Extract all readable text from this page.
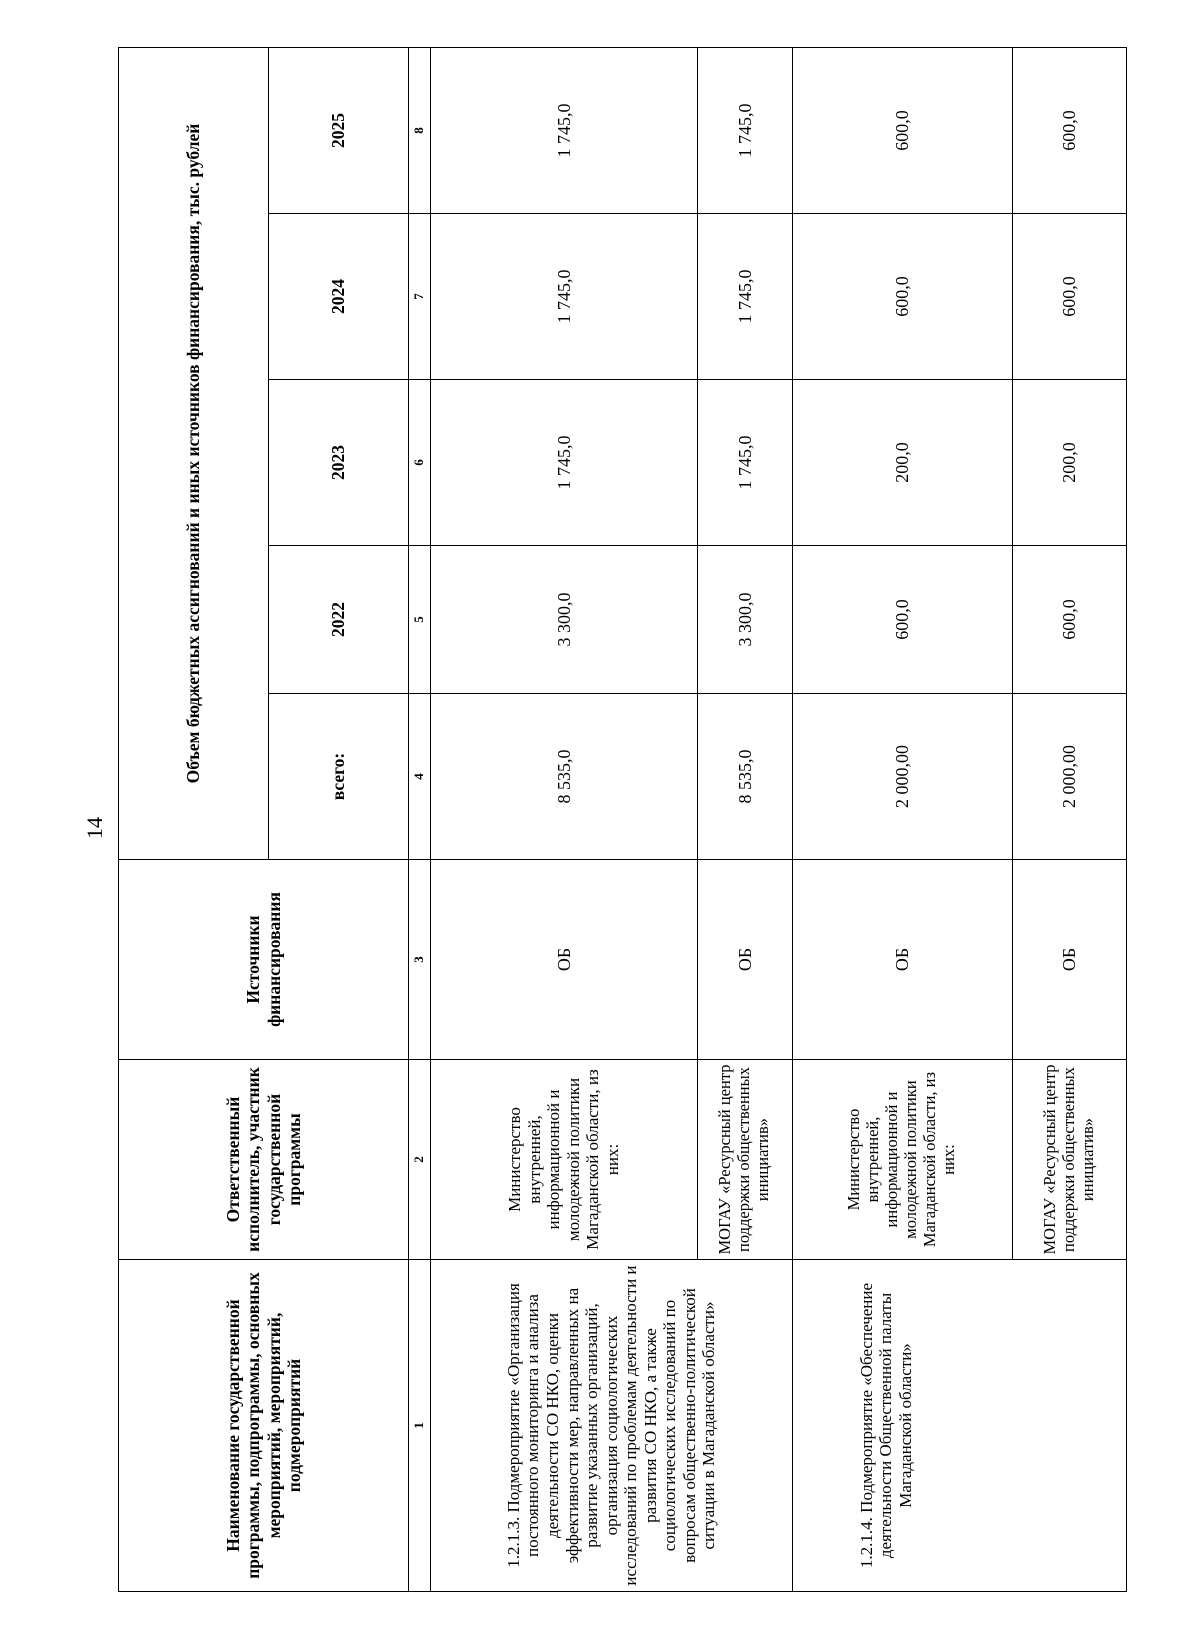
14
Наименование государственной программы, подпрограммы, основных мероприятий, мероприятий, подмероприятий	Ответственный исполнитель, участник государственной программы	Источники финансирования	Объем бюджетных ассигнований и иных источников финансирования, тыс. рублей				
			всего:	2022	2023	2024	2025
1	2	3	4	5	6	7	8
1.2.1.3. Подмероприятие «Организация постоянного мониторинга и анализа деятельности СО НКО, оценки эффективности мер, направленных на развитие указанных организаций, организация социологических исследований по проблемам деятельности и развития СО НКО, а также социологических исследований по вопросам общественно-политической ситуации в Магаданской области»	Министерство внутренней, информационной и молодежной политики Магаданской области, из них:	ОБ	8 535,0	3 300,0	1 745,0	1 745,0	1 745,0
	МОГАУ «Ресурсный центр поддержки общественных инициатив»	ОБ	8 535,0	3 300,0	1 745,0	1 745,0	1 745,0
1.2.1.4. Подмероприятие «Обеспечение деятельности Общественной палаты Магаданской области»	Министерство внутренней, информационной и молодежной политики Магаданской области, из них:	ОБ	2 000,00	600,0	200,0	600,0	600,0
	МОГАУ «Ресурсный центр поддержки общественных инициатив»	ОБ	2 000,00	600,0	200,0	600,0	600,0
